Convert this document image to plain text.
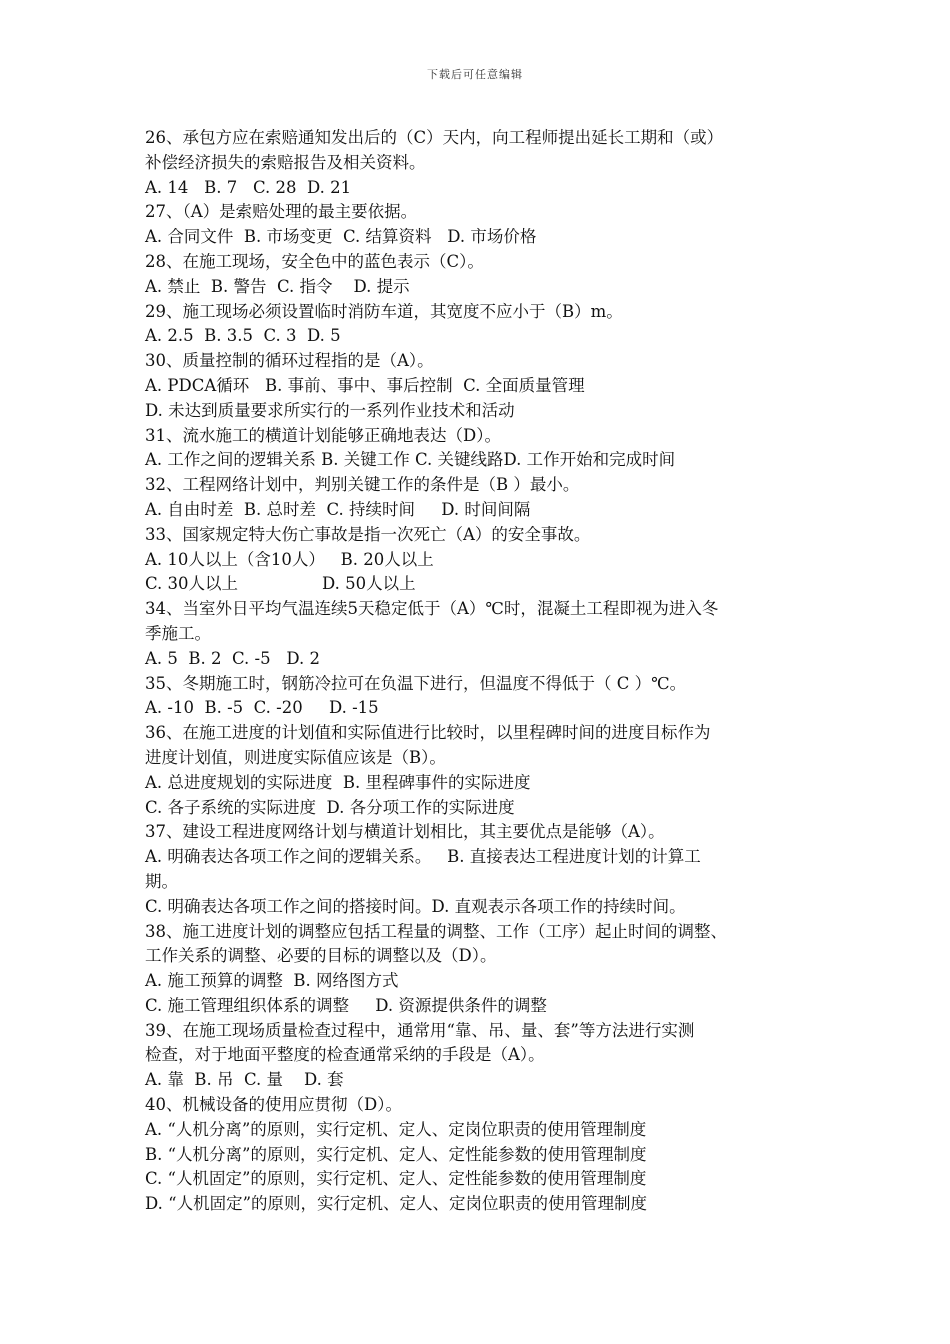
下载后可任意编辑
26、承包方应在索赔通知发出后的（C）天内，向工程师提出延长工期和（或）
补偿经济损失的索赔报告及相关资料。
A. 14   B. 7   C. 28  D. 21
27、（A）是索赔处理的最主要依据。
A. 合同文件  B. 市场变更  C. 结算资料   D. 市场价格
28、在施工现场，安全色中的蓝色表示（C）。
A. 禁止  B. 警告  C. 指令    D. 提示
29、施工现场必须设置临时消防车道，其宽度不应小于（B）m。
A. 2.5  B. 3.5  C. 3  D. 5
30、质量控制的循环过程指的是（A）。
A. PDCA循环   B. 事前、事中、事后控制  C. 全面质量管理
D. 未达到质量要求所实行的一系列作业技术和活动
31、流水施工的横道计划能够正确地表达（D）。
A. 工作之间的逻辑关系 B. 关键工作 C. 关键线路D. 工作开始和完成时间
32、工程网络计划中，判别关键工作的条件是（B ）最小。
A. 自由时差  B. 总时差  C. 持续时间     D. 时间间隔
33、国家规定特大伤亡事故是指一次死亡（A）的安全事故。
A. 10人以上（含10人）   B. 20人以上
C. 30人以上                D. 50人以上
34、当室外日平均气温连续5天稳定低于（A）℃时，混凝土工程即视为进入冬
季施工。
A. 5  B. 2  C. -5   D. 2
35、冬期施工时，钢筋冷拉可在负温下进行，但温度不得低于（ C ）℃。
A. -10  B. -5  C. -20     D. -15
36、在施工进度的计划值和实际值进行比较时，以里程碑时间的进度目标作为
进度计划值，则进度实际值应该是（B）。
A. 总进度规划的实际进度  B. 里程碑事件的实际进度
C. 各子系统的实际进度  D. 各分项工作的实际进度
37、建设工程进度网络计划与横道计划相比，其主要优点是能够（A）。
A. 明确表达各项工作之间的逻辑关系。   B. 直接表达工程进度计划的计算工
期。
C. 明确表达各项工作之间的搭接时间。D. 直观表示各项工作的持续时间。
38、施工进度计划的调整应包括工程量的调整、工作（工序）起止时间的调整、
工作关系的调整、必要的目标的调整以及（D）。
A. 施工预算的调整  B. 网络图方式
C. 施工管理组织体系的调整     D. 资源提供条件的调整
39、在施工现场质量检查过程中，通常用“靠、吊、量、套”等方法进行实测
检查，对于地面平整度的检查通常采纳的手段是（A）。
A. 靠  B. 吊  C. 量    D. 套
40、机械设备的使用应贯彻（D）。
A. “人机分离”的原则，实行定机、定人、定岗位职责的使用管理制度
B. “人机分离”的原则，实行定机、定人、定性能参数的使用管理制度
C. “人机固定”的原则，实行定机、定人、定性能参数的使用管理制度
D. “人机固定”的原则，实行定机、定人、定岗位职责的使用管理制度
